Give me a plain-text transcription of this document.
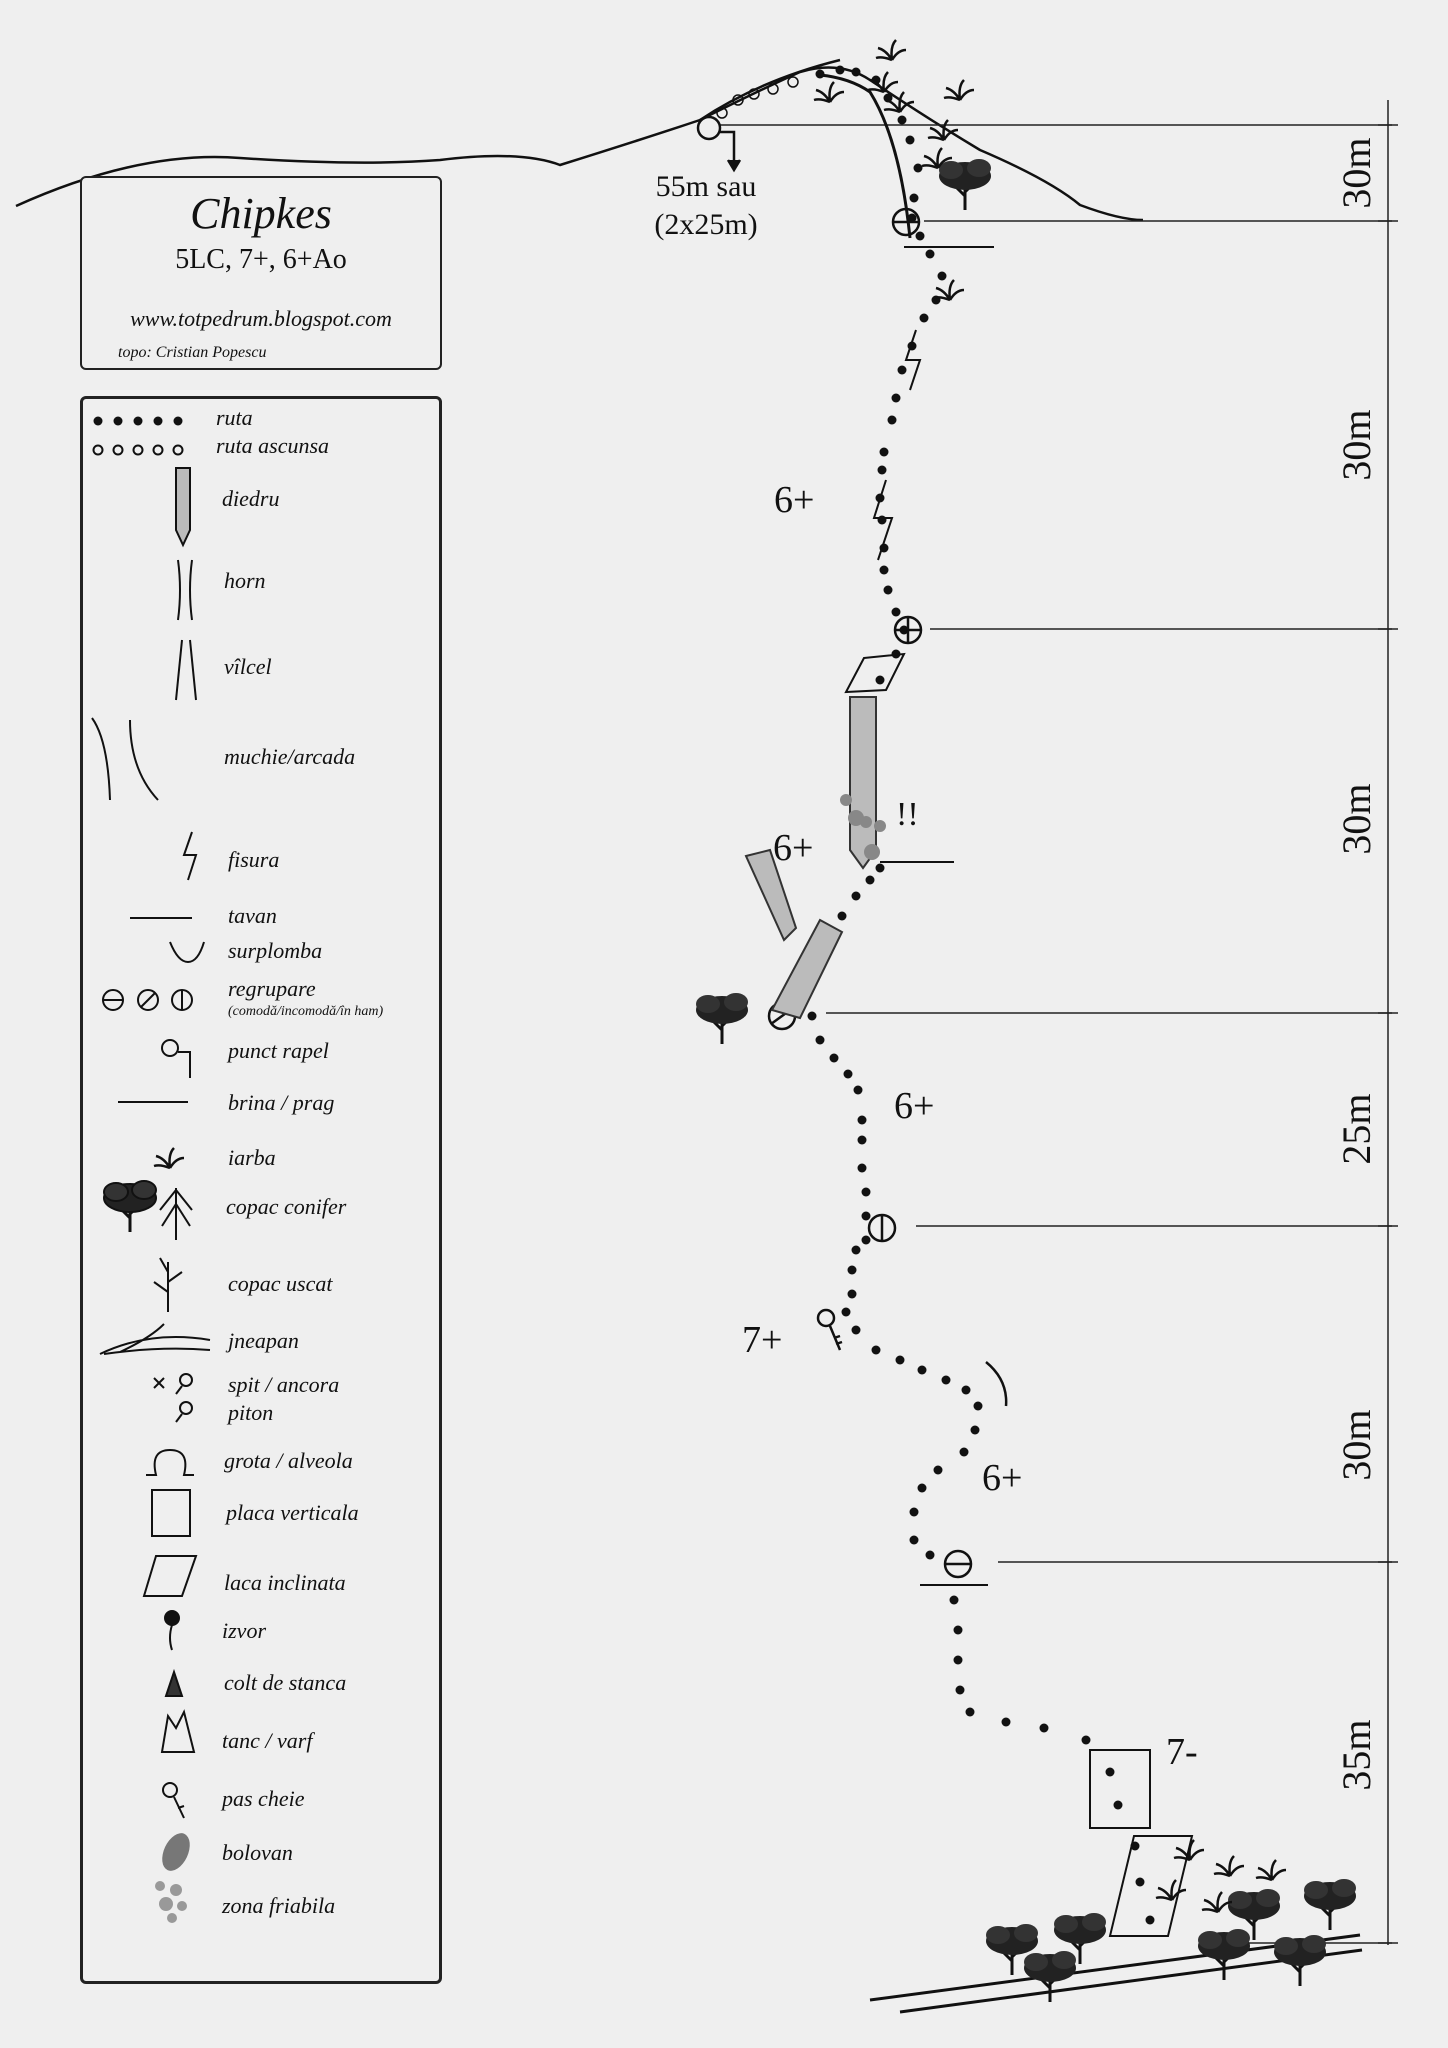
Chipkes
5LC, 7+, 6+Ao
www.totpedrum.blogspot.com
topo: Cristian Popescu
ruta
ruta ascunsa
diedru
horn
vîlcel
muchie/arcada
fisura
tavan
surplomba
regrupare
(comodă/incomodă/în ham)
punct rapel
brina / prag
iarba
copac conifer
copac uscat
jneapan
spit / ancora
piton
grota / alveola
placa verticala
laca inclinata
izvor
colt de stanca
tanc / varf
pas cheie
bolovan
zona friabila
55m sau
(2x25m)
6+
6+
!!
6+
7+
6+
7-
30m
30m
30m
25m
30m
35m
